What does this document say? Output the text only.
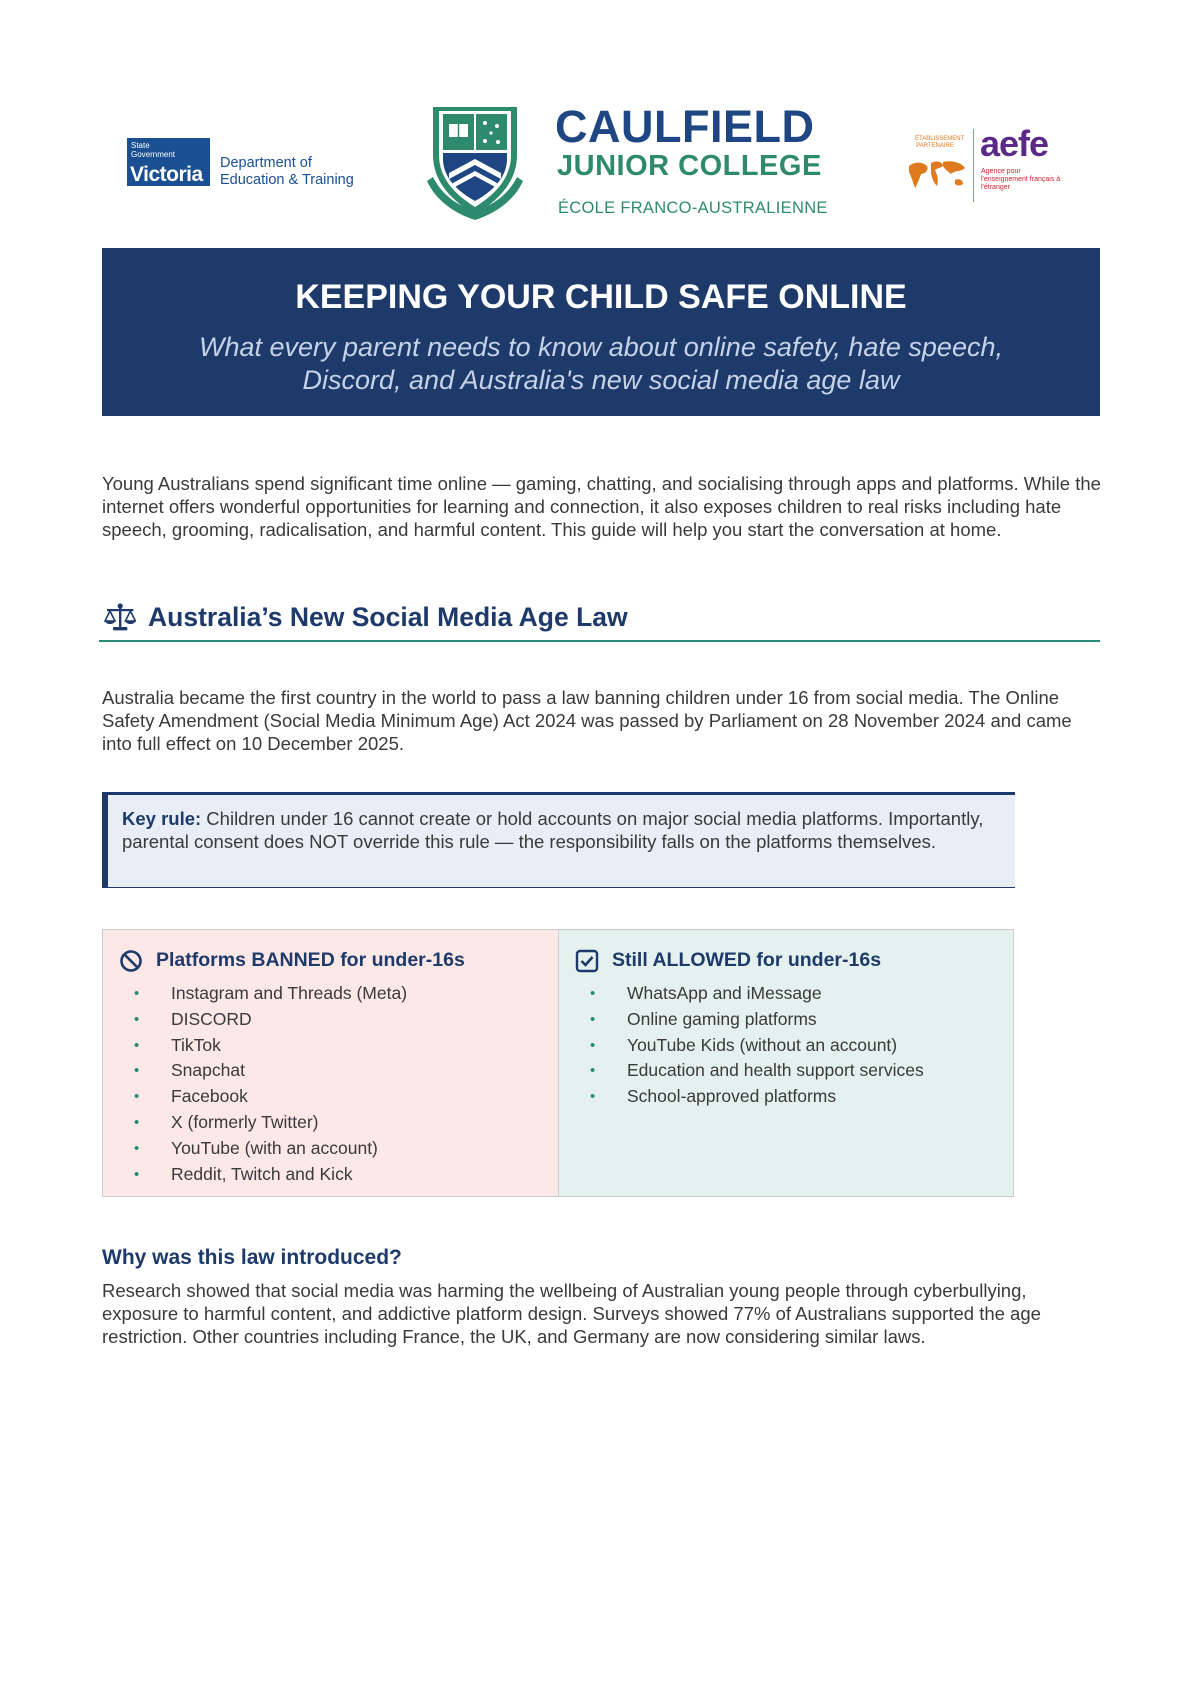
State Government
Victoria Department of
Education & Training
CAULFIELD
JUNIOR COLLEGE
ÉCOLE FRANCO-AUSTRALIENNE
ÉTABLISSEMENT PARTENAIRE aefe
Agence pour l'enseignement français à l'étranger
KEEPING YOUR CHILD SAFE ONLINE
What every parent needs to know about online safety, hate speech, Discord, and Australia's new social media age law

Young Australians spend significant time online — gaming, chatting, and socialising through apps and platforms. While the internet offers wonderful opportunities for learning and connection, it also exposes children to real risks including hate speech, grooming, radicalisation, and harmful content. This guide will help you start the conversation at home.

Australia’s New Social Media Age Law

Australia became the first country in the world to pass a law banning children under 16 from social media. The Online Safety Amendment (Social Media Minimum Age) Act 2024 was passed by Parliament on 28 November 2024 and came into full effect on 10 December 2025.

Key rule: Children under 16 cannot create or hold accounts on major social media platforms. Importantly, parental consent does NOT override this rule — the responsibility falls on the platforms themselves.
Platforms BANNED for under-16s
• Instagram and Threads (Meta)
• DISCORD
• TikTok
• Snapchat
• Facebook
• X (formerly Twitter)
• YouTube (with an account)
• Reddit, Twitch and Kick
Still ALLOWED for under-16s
• WhatsApp and iMessage
• Online gaming platforms
• YouTube Kids (without an account)
• Education and health support services
• School-approved platforms
Why was this law introduced?

Research showed that social media was harming the wellbeing of Australian young people through cyberbullying, exposure to harmful content, and addictive platform design. Surveys showed 77% of Australians supported the age restriction. Other countries including France, the UK, and Germany are now considering similar laws.
